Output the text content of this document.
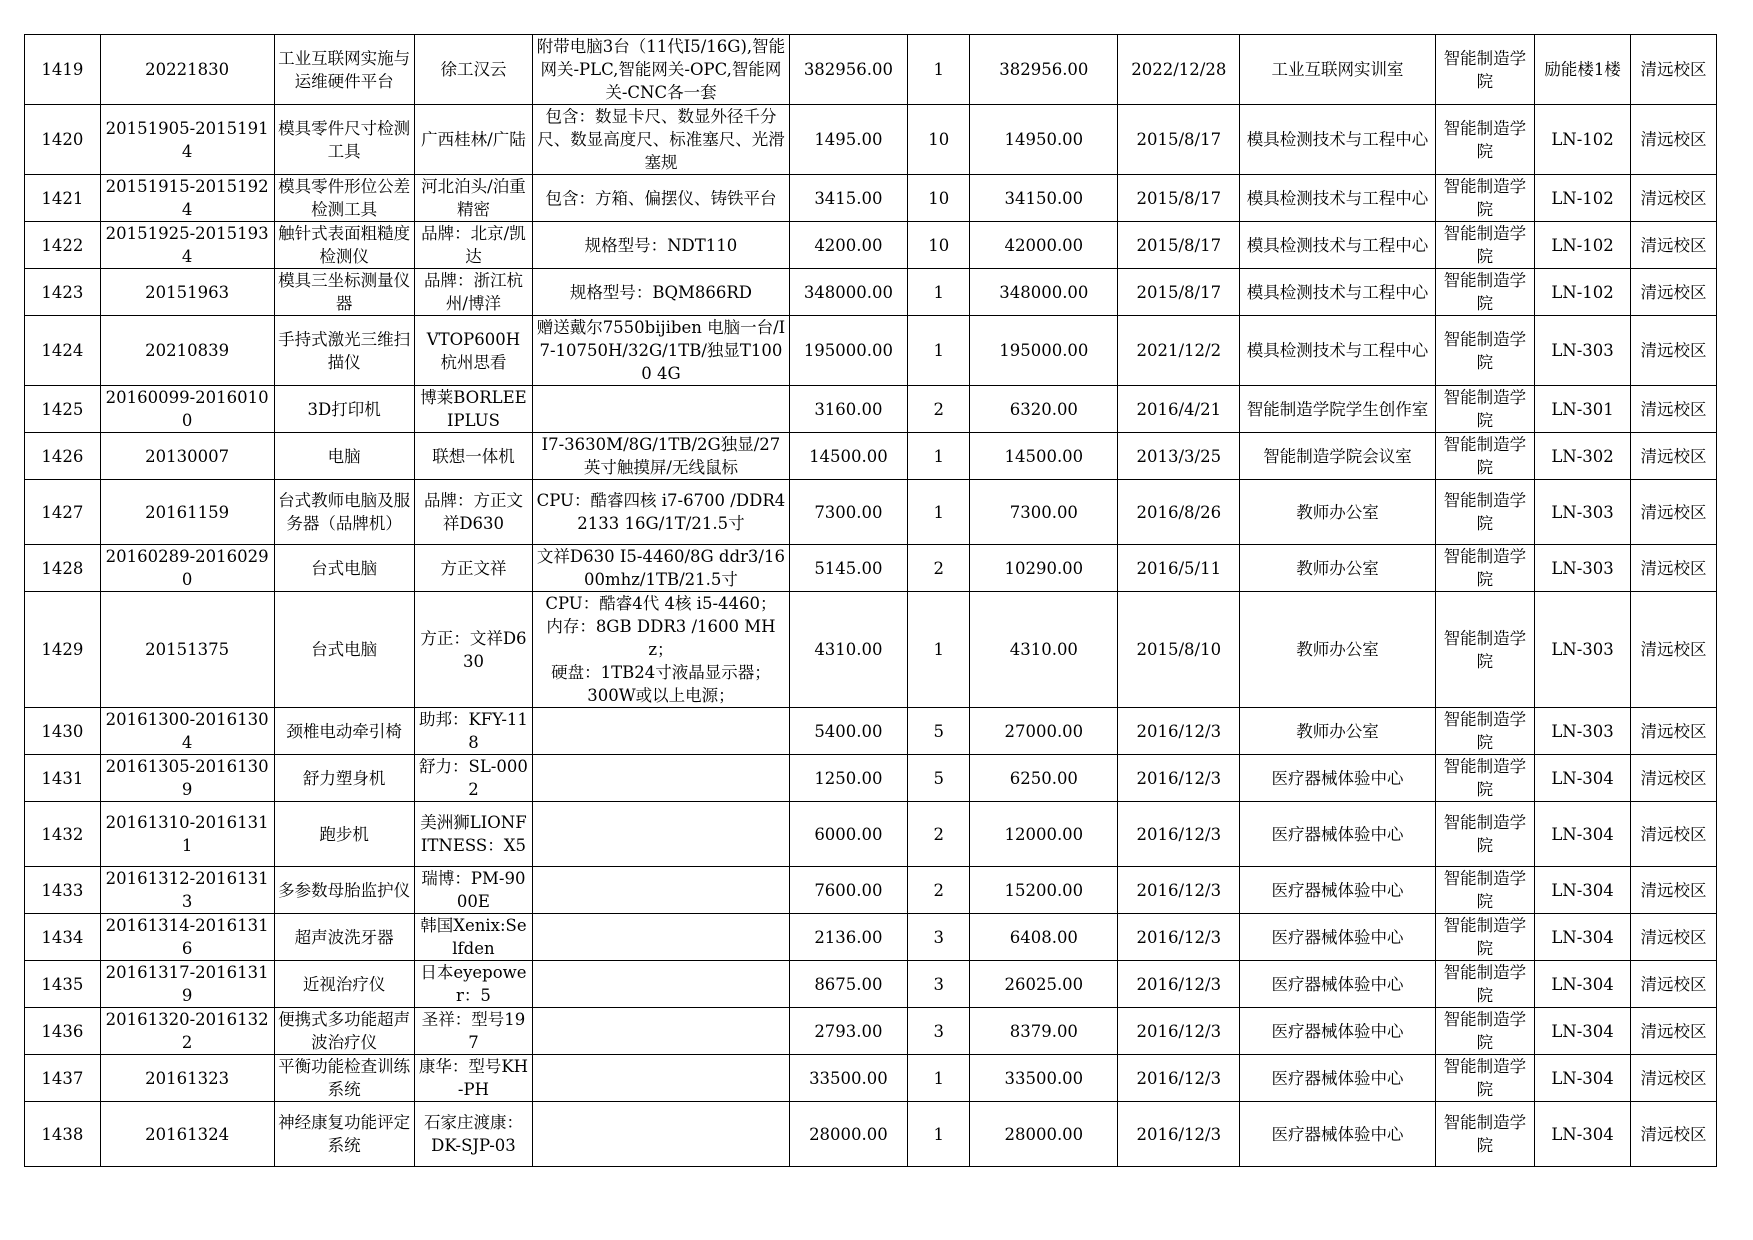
1419	20221830	工业互联网实施与运维硬件平台	徐工汉云	附带电脑3台（11代I5/16G),智能网关-PLC,智能网关-OPC,智能网关-CNC各一套	382956.00	1	382956.00	2022/12/28	工业互联网实训室	智能制造学院	励能楼1楼	清远校区
1420	20151905-20151914	模具零件尺寸检测工具	广西桂林/广陆	包含：数显卡尺、数显外径千分尺、数显高度尺、标准塞尺、光滑塞规	1495.00	10	14950.00	2015/8/17	模具检测技术与工程中心	智能制造学院	LN-102	清远校区
1421	20151915-20151924	模具零件形位公差检测工具	河北泊头/泊重精密	包含：方箱、偏摆仪、铸铁平台	3415.00	10	34150.00	2015/8/17	模具检测技术与工程中心	智能制造学院	LN-102	清远校区
1422	20151925-20151934	触针式表面粗糙度检测仪	品牌：北京/凯达	规格型号：NDT110	4200.00	10	42000.00	2015/8/17	模具检测技术与工程中心	智能制造学院	LN-102	清远校区
1423	20151963	模具三坐标测量仪器	品牌：浙江杭州/博洋	规格型号：BQM866RD	348000.00	1	348000.00	2015/8/17	模具检测技术与工程中心	智能制造学院	LN-102	清远校区
1424	20210839	手持式激光三维扫描仪	VTOP600H 杭州思看	赠送戴尔7550bijiben 电脑一台/I7-10750H/32G/1TB/独显T1000 4G	195000.00	1	195000.00	2021/12/2	模具检测技术与工程中心	智能制造学院	LN-303	清远校区
1425	20160099-20160100	3D打印机	博莱BORLEE IPLUS		3160.00	2	6320.00	2016/4/21	智能制造学院学生创作室	智能制造学院	LN-301	清远校区
1426	20130007	电脑	联想一体机	I7-3630M/8G/1TB/2G独显/27英寸触摸屏/无线鼠标	14500.00	1	14500.00	2013/3/25	智能制造学院会议室	智能制造学院	LN-302	清远校区
1427	20161159	台式教师电脑及服务器（品牌机）	品牌：方正文祥D630	CPU：酷睿四核 i7-6700 /DDR4 2133 16G/1T/21.5寸	7300.00	1	7300.00	2016/8/26	教师办公室	智能制造学院	LN-303	清远校区
1428	20160289-20160290	台式电脑	方正文祥	文祥D630 I5-4460/8G ddr3/1600mhz/1TB/21.5寸	5145.00	2	10290.00	2016/5/11	教师办公室	智能制造学院	LN-303	清远校区
1429	20151375	台式电脑	方正：文祥D630	CPU：酷睿4代 4核 i5-4460；
内存：8GB DDR3 /1600 MHz；
硬盘：1TB24寸液晶显示器；
300W或以上电源；	4310.00	1	4310.00	2015/8/10	教师办公室	智能制造学院	LN-303	清远校区
1430	20161300-20161304	颈椎电动牵引椅	助邦：KFY-118		5400.00	5	27000.00	2016/12/3	教师办公室	智能制造学院	LN-303	清远校区
1431	20161305-20161309	舒力塑身机	舒力：SL-0002		1250.00	5	6250.00	2016/12/3	医疗器械体验中心	智能制造学院	LN-304	清远校区
1432	20161310-20161311	跑步机	美洲狮LIONFITNESS：X5		6000.00	2	12000.00	2016/12/3	医疗器械体验中心	智能制造学院	LN-304	清远校区
1433	20161312-20161313	多参数母胎监护仪	瑞博：PM-9000E		7600.00	2	15200.00	2016/12/3	医疗器械体验中心	智能制造学院	LN-304	清远校区
1434	20161314-20161316	超声波洗牙器	韩国Xenix:Selfden		2136.00	3	6408.00	2016/12/3	医疗器械体验中心	智能制造学院	LN-304	清远校区
1435	20161317-20161319	近视治疗仪	日本eyepower：5		8675.00	3	26025.00	2016/12/3	医疗器械体验中心	智能制造学院	LN-304	清远校区
1436	20161320-20161322	便携式多功能超声波治疗仪	圣祥：型号197		2793.00	3	8379.00	2016/12/3	医疗器械体验中心	智能制造学院	LN-304	清远校区
1437	20161323	平衡功能检查训练系统	康华：型号KH-PH		33500.00	1	33500.00	2016/12/3	医疗器械体验中心	智能制造学院	LN-304	清远校区
1438	20161324	神经康复功能评定系统	石家庄渡康：DK-SJP-03		28000.00	1	28000.00	2016/12/3	医疗器械体验中心	智能制造学院	LN-304	清远校区
